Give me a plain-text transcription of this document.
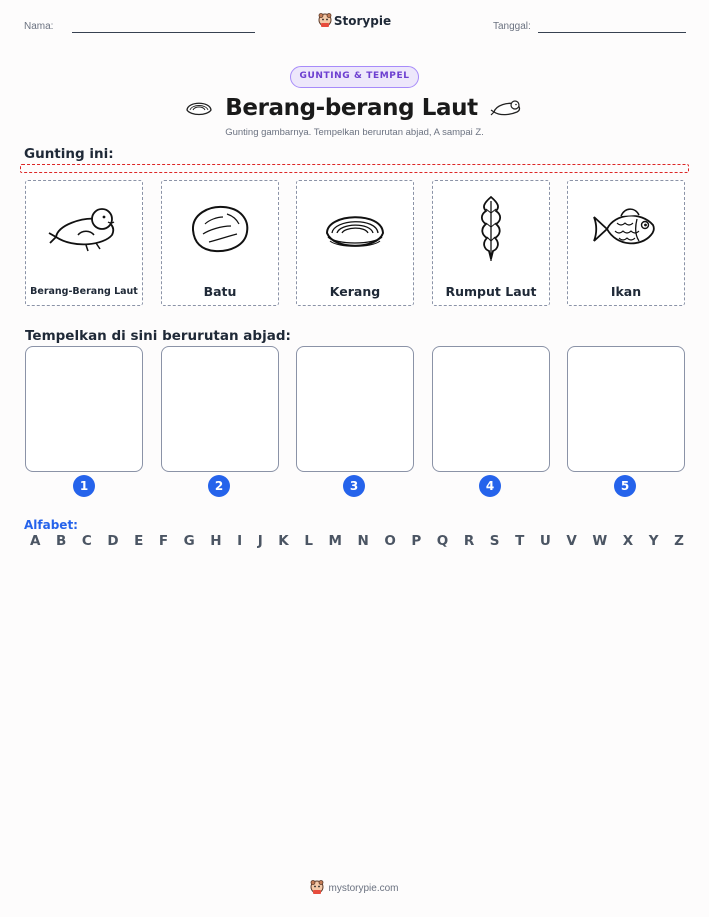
Nama:	Storypie	Tanggal:
GUNTING & TEMPEL
Berang-berang Laut
Gunting gambarnya. Tempelkan berurutan abjad, A sampai Z.
Gunting ini:
Berang-Berang Laut	Batu	Kerang	Rumput Laut	Ikan
Tempelkan di sini berurutan abjad:
1	2	3	4	5
Alfabet:
A B C D E F G H I J K L M N O P Q R S T U V W X Y Z
mystorypie.com
